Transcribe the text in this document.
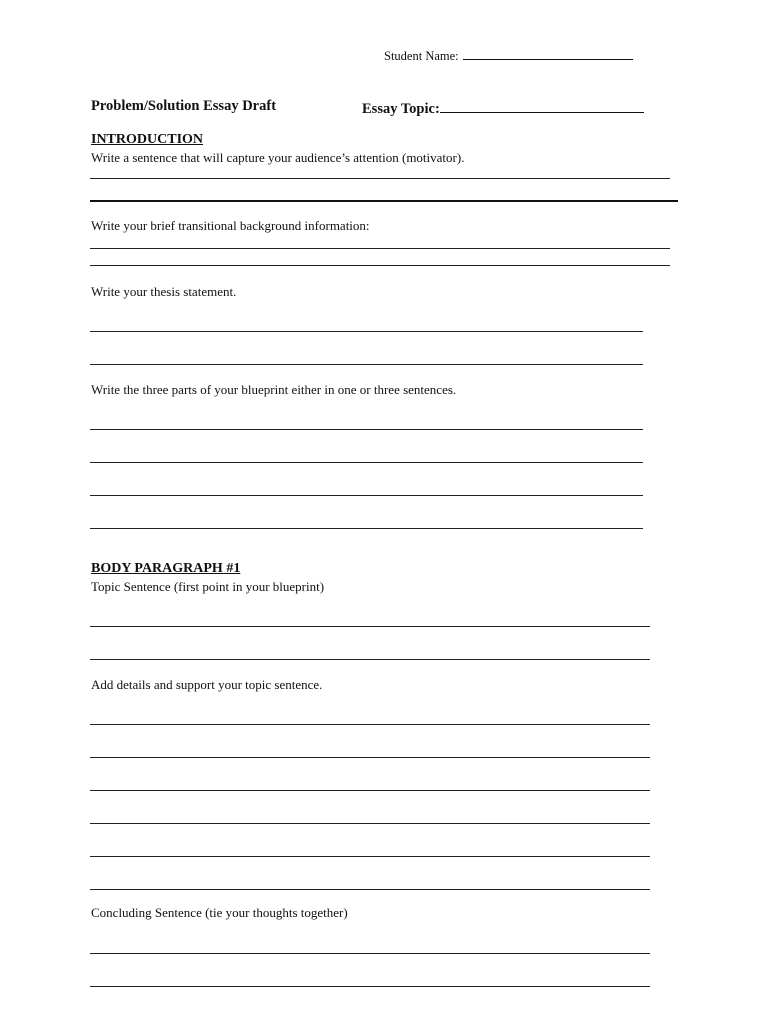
Student Name:
Problem/Solution Essay Draft	Essay Topic:
INTRODUCTION
Write a sentence that will capture your audience’s attention (motivator).
Write your brief transitional background information:
Write your thesis statement.
Write the three parts of your blueprint either in one or three sentences.
BODY PARAGRAPH #1
Topic Sentence (first point in your blueprint)
Add details and support your topic sentence.
Concluding Sentence (tie your thoughts together)
